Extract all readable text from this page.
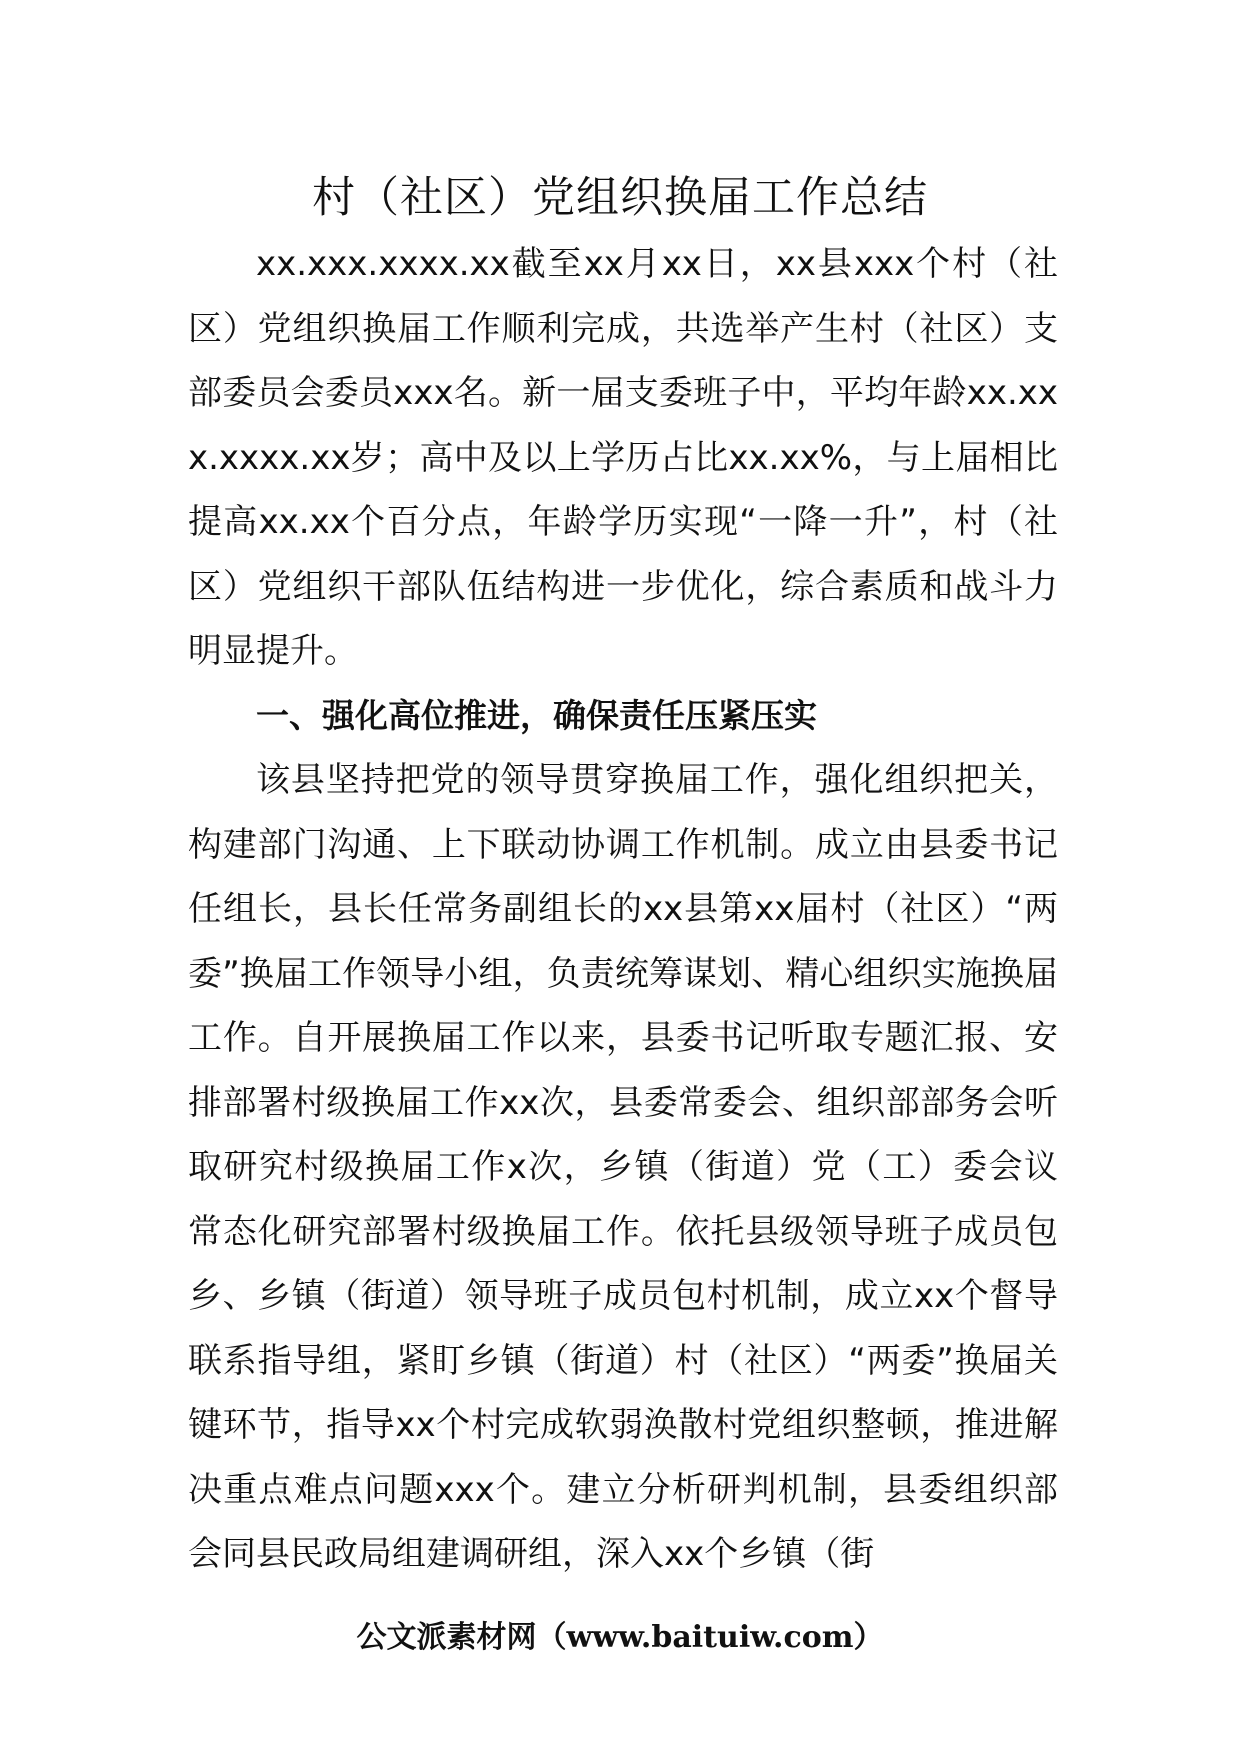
村（社区）党组织换届工作总结

xx.xxx.xxxx.xx截至xx月xx日，xx县xxx个村（社区）党组织换届工作顺利完成，共选举产生村（社区）支部委员会委员xxx名。新一届支委班子中，平均年龄xx.xxx.xxxx.xx岁；高中及以上学历占比xx.xx%，与上届相比提高xx.xx个百分点，年龄学历实现“一降一升”，村（社区）党组织干部队伍结构进一步优化，综合素质和战斗力明显提升。

一、强化高位推进，确保责任压紧压实

该县坚持把党的领导贯穿换届工作，强化组织把关，构建部门沟通、上下联动协调工作机制。成立由县委书记任组长，县长任常务副组长的xx县第xx届村（社区）“两委”换届工作领导小组，负责统筹谋划、精心组织实施换届工作。自开展换届工作以来，县委书记听取专题汇报、安排部署村级换届工作xx次，县委常委会、组织部部务会听取研究村级换届工作x次，乡镇（街道）党（工）委会议常态化研究部署村级换届工作。依托县级领导班子成员包乡、乡镇（街道）领导班子成员包村机制，成立xx个督导联系指导组，紧盯乡镇（街道）村（社区）“两委”换届关键环节，指导xx个村完成软弱涣散村党组织整顿，推进解决重点难点问题xxx个。建立分析研判机制，县委组织部会同县民政局组建调研组，深入xx个乡镇（街

公文派素材网（www.baituiw.com）
